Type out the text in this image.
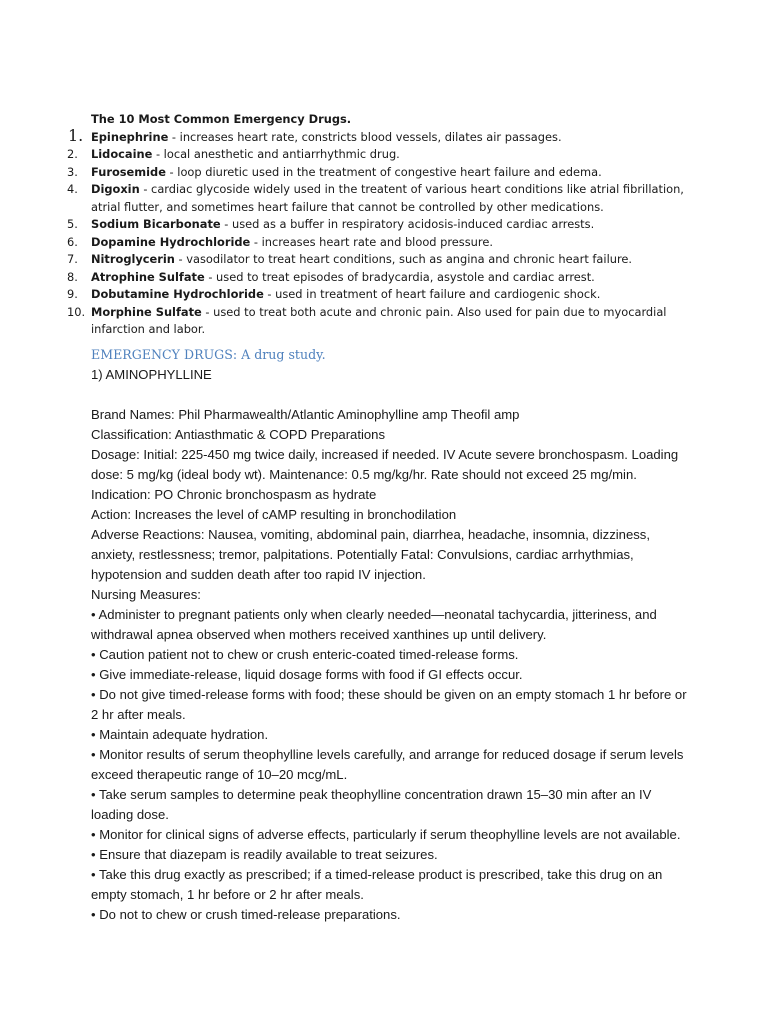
The 10 Most Common Emergency Drugs.
1. Epinephrine - increases heart rate, constricts blood vessels, dilates air passages.
2.	Lidocaine - local anesthetic and antiarrhythmic drug.
3.	Furosemide - loop diuretic used in the treatment of congestive heart failure and edema.
4.	Digoxin - cardiac glycoside widely used in the treatent of various heart conditions like atrial fibrillation, atrial flutter, and sometimes heart failure that cannot be controlled by other medications.
5.	Sodium Bicarbonate - used as a buffer in respiratory acidosis-induced cardiac arrests.
6.	Dopamine Hydrochloride - increases heart rate and blood pressure.
7.	Nitroglycerin - vasodilator to treat heart conditions, such as angina and chronic heart failure.
8.	Atrophine Sulfate - used to treat episodes of bradycardia, asystole and cardiac arrest.
9.	Dobutamine Hydrochloride - used in treatment of heart failure and cardiogenic shock.
10. Morphine Sulfate - used to treat both acute and chronic pain. Also used for pain due to myocardial infarction and labor.
EMERGENCY DRUGS: A drug study.

1) AMINOPHYLLINE

Brand Names: Phil Pharmawealth/Atlantic Aminophylline amp Theofil amp

Classification: Antiasthmatic & COPD Preparations

Dosage: Initial: 225-450 mg twice daily, increased if needed. IV Acute severe bronchospasm. Loading dose: 5 mg/kg (ideal body wt). Maintenance: 0.5 mg/kg/hr. Rate should not exceed 25 mg/min.

Indication: PO Chronic bronchospasm as hydrate

Action: Increases the level of cAMP resulting in bronchodilation

Adverse Reactions: Nausea, vomiting, abdominal pain, diarrhea, headache, insomnia, dizziness, anxiety, restlessness; tremor, palpitations. Potentially Fatal: Convulsions, cardiac arrhythmias, hypotension and sudden death after too rapid IV injection.

Nursing Measures:

• Administer to pregnant patients only when clearly needed—neonatal tachycardia, jitteriness, and withdrawal apnea observed when mothers received xanthines up until delivery.

• Caution patient not to chew or crush enteric-coated timed-release forms.

• Give immediate-release, liquid dosage forms with food if GI effects occur.

• Do not give timed-release forms with food; these should be given on an empty stomach 1 hr before or 2 hr after meals.

• Maintain adequate hydration.

• Monitor results of serum theophylline levels carefully, and arrange for reduced dosage if serum levels exceed therapeutic range of 10–20 mcg/mL.

• Take serum samples to determine peak theophylline concentration drawn 15–30 min after an IV loading dose.

• Monitor for clinical signs of adverse effects, particularly if serum theophylline levels are not available.

• Ensure that diazepam is readily available to treat seizures.

• Take this drug exactly as prescribed; if a timed-release product is prescribed, take this drug on an empty stomach, 1 hr before or 2 hr after meals.

• Do not to chew or crush timed-release preparations.
